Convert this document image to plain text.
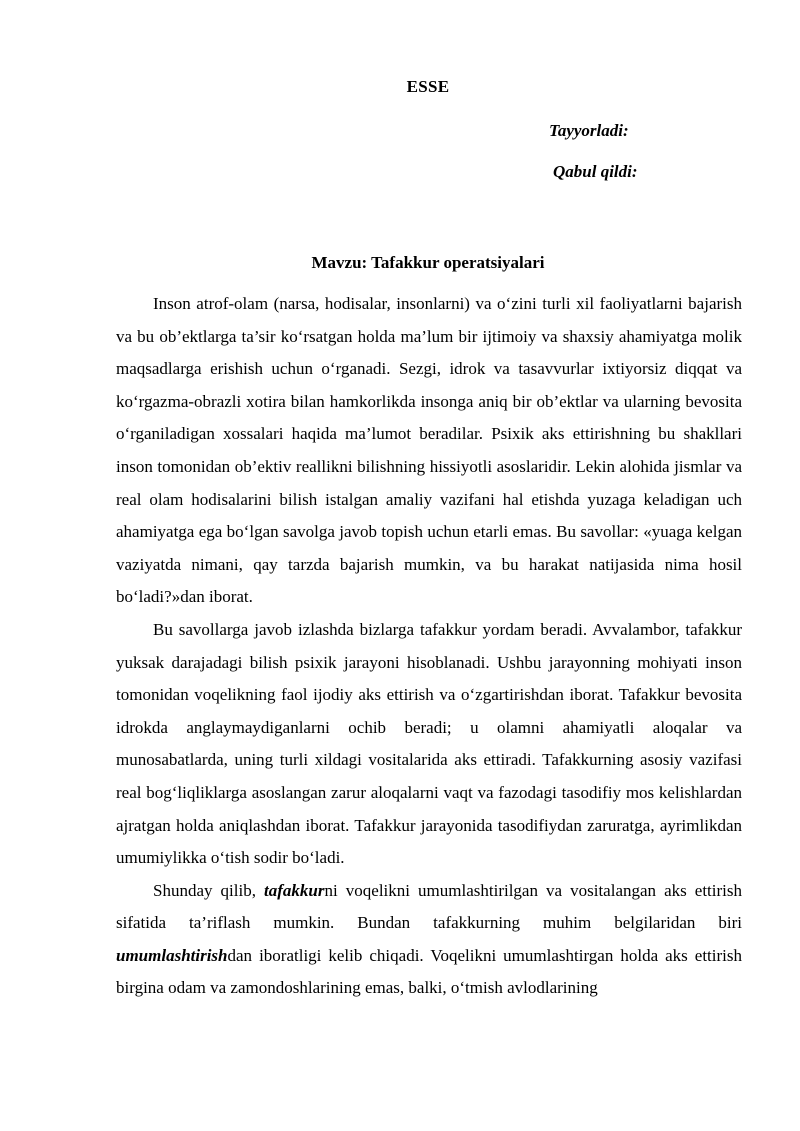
ESSE
Tayyorladi:
Qabul qildi:
Mavzu: Tafakkur operatsiyalari

Inson atrof-olam (narsa, hodisalar, insonlarni) va o‘zini turli xil faoliyatlarni bajarish va bu ob’ektlarga ta’sir ko‘rsatgan holda ma’lum bir ijtimoiy va shaxsiy ahamiyatga molik maqsadlarga erishish uchun o‘rganadi. Sezgi, idrok va tasavvurlar ixtiyorsiz diqqat va ko‘rgazma-obrazli xotira bilan hamkorlikda insonga aniq bir ob’ektlar va ularning bevosita o‘rganiladigan xossalari haqida ma’lumot beradilar. Psixik aks ettirishning bu shakllari inson tomonidan ob’ektiv reallikni bilishning hissiyotli asoslaridir. Lekin alohida jismlar va real olam hodisalarini bilish istalgan amaliy vazifani hal etishda yuzaga keladigan uch ahamiyatga ega bo‘lgan savolga javob topish uchun etarli emas. Bu savollar: «yuaga kelgan vaziyatda nimani, qay tarzda bajarish mumkin, va bu harakat natijasida nima hosil bo‘ladi?»dan iborat.

Bu savollarga javob izlashda bizlarga tafakkur yordam beradi. Avvalambor, tafakkur yuksak darajadagi bilish psixik jarayoni hisoblanadi. Ushbu jarayonning mohiyati inson tomonidan voqelikning faol ijodiy aks ettirish va o‘zgartirishdan iborat. Tafakkur bevosita idrokda anglaymaydiganlarni ochib beradi; u olamni ahamiyatli aloqalar va munosabatlarda, uning turli xildagi vositalarida aks ettiradi. Tafakkurning asosiy vazifasi real bog‘liqliklarga asoslangan zarur aloqalarni vaqt va fazodagi tasodifiy mos kelishlardan ajratgan holda aniqlashdan iborat. Tafakkur jarayonida tasodifiydan zaruratga, ayrimlikdan umumiylikka o‘tish sodir bo‘ladi.

Shunday qilib, tafakkurni voqelikni umumlashtirilgan va vositalangan aks ettirish sifatida ta’riflash mumkin. Bundan tafakkurning muhim belgilaridan biri umumlashtirishdan iboratligi kelib chiqadi. Voqelikni umumlashtirgan holda aks ettirish birgina odam va zamondoshlarining emas, balki, o‘tmish avlodlarining
